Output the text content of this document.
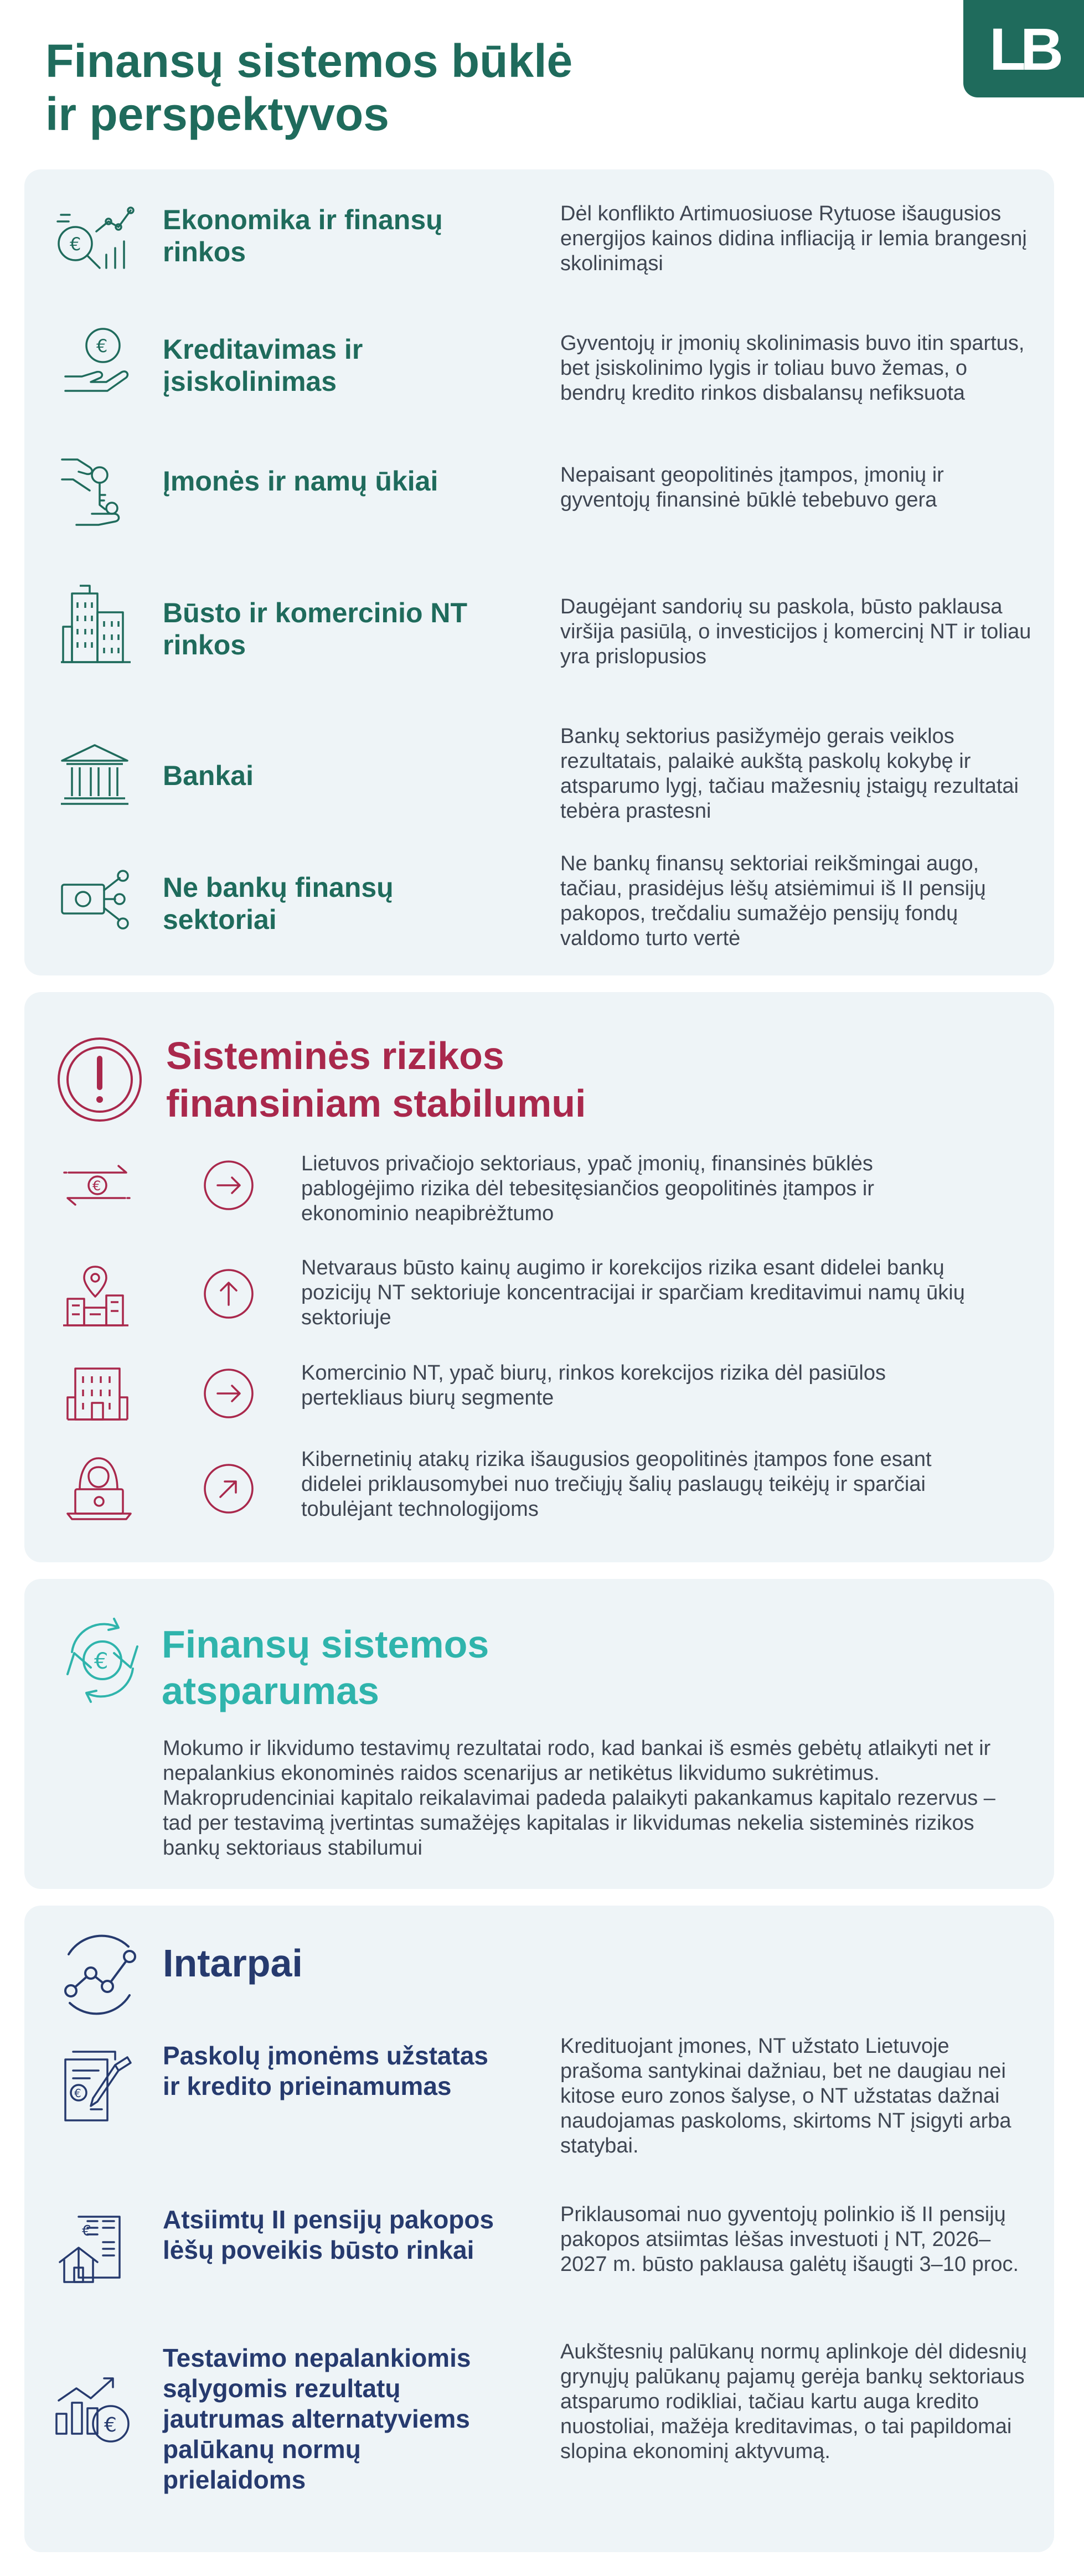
Finansų sistemos būklė
ir perspektyvos
LB
€
Ekonomika ir finansų rinkos
Dėl konflikto Artimuosiuose Rytuose išaugusios energijos kainos didina infliaciją ir lemia brangesnį skolinimąsi
€ Kreditavimas ir įsiskolinimas
Gyventojų ir įmonių skolinimasis buvo itin spartus, bet įsiskolinimo lygis ir toliau buvo žemas, o bendrų kredito rinkos disbalansų nefiksuota
Įmonės ir namų ūkiai	Nepaisant geopolitinės įtampos, įmonių ir gyventojų finansinė būklė tebebuvo gera
Būsto ir komercinio NT rinkos
Daugėjant sandorių su paskola, būsto paklausa viršija pasiūlą, o investicijos į komercinį NT ir toliau yra prislopusios
Bankai
Bankų sektorius pasižymėjo gerais veiklos rezultatais, palaikė aukštą paskolų kokybę ir atsparumo lygį, tačiau mažesnių įstaigų rezultatai tebėra prastesni
Ne bankų finansų sektoriai
Ne bankų finansų sektoriai reikšmingai augo, tačiau, prasidėjus lėšų atsiėmimui iš II pensijų pakopos, trečdaliu sumažėjo pensijų fondų valdomo turto vertė
Sisteminės rizikos
finansiniam stabilumui
€
Lietuvos privačiojo sektoriaus, ypač įmonių, finansinės būklės pablogėjimo rizika dėl tebesitęsiančios geopolitinės įtampos ir ekonominio neapibrėžtumo
Netvaraus būsto kainų augimo ir korekcijos rizika esant didelei bankų pozicijų NT sektoriuje koncentracijai ir sparčiam kreditavimui namų ūkių sektoriuje
Komercinio NT, ypač biurų, rinkos korekcijos rizika dėl pasiūlos pertekliaus biurų segmente
Kibernetinių atakų rizika išaugusios geopolitinės įtampos fone esant didelei priklausomybei nuo trečiųjų šalių paslaugų teikėjų ir sparčiai tobulėjant technologijoms
€ Finansų sistemos
atsparumas

Mokumo ir likvidumo testavimų rezultatai rodo, kad bankai iš esmės gebėtų atlaikyti net ir nepalankius ekonominės raidos scenarijus ar netikėtus likvidumo sukrėtimus. Makroprudenciniai kapitalo reikalavimai padeda palaikyti pakankamus kapitalo rezervus – tad per testavimą įvertintas sumažėjęs kapitalas ir likvidumas nekelia sisteminės rizikos bankų sektoriaus stabilumui

Intarpai
€
Paskolų įmonėms užstatas ir kredito prieinamumas
Kredituojant įmones, NT užstato Lietuvoje prašoma santykinai dažniau, bet ne daugiau nei kitose euro zonos šalyse, o NT užstatas dažnai naudojamas paskoloms, skirtoms NT įsigyti arba statybai.
€	Atsiimtų II pensijų pakopos lėšų poveikis būsto rinkai
Priklausomai nuo gyventojų polinkio iš II pensijų pakopos atsiimtas lėšas investuoti į NT, 2026–2027 m. būsto paklausa galėtų išaugti 3–10 proc.
€
Testavimo nepalankiomis sąlygomis rezultatų jautrumas alternatyviems palūkanų normų prielaidoms
Aukštesnių palūkanų normų aplinkoje dėl didesnių grynųjų palūkanų pajamų gerėja bankų sektoriaus atsparumo rodikliai, tačiau kartu auga kredito nuostoliai, mažėja kreditavimas, o tai papildomai slopina ekonominį aktyvumą.
